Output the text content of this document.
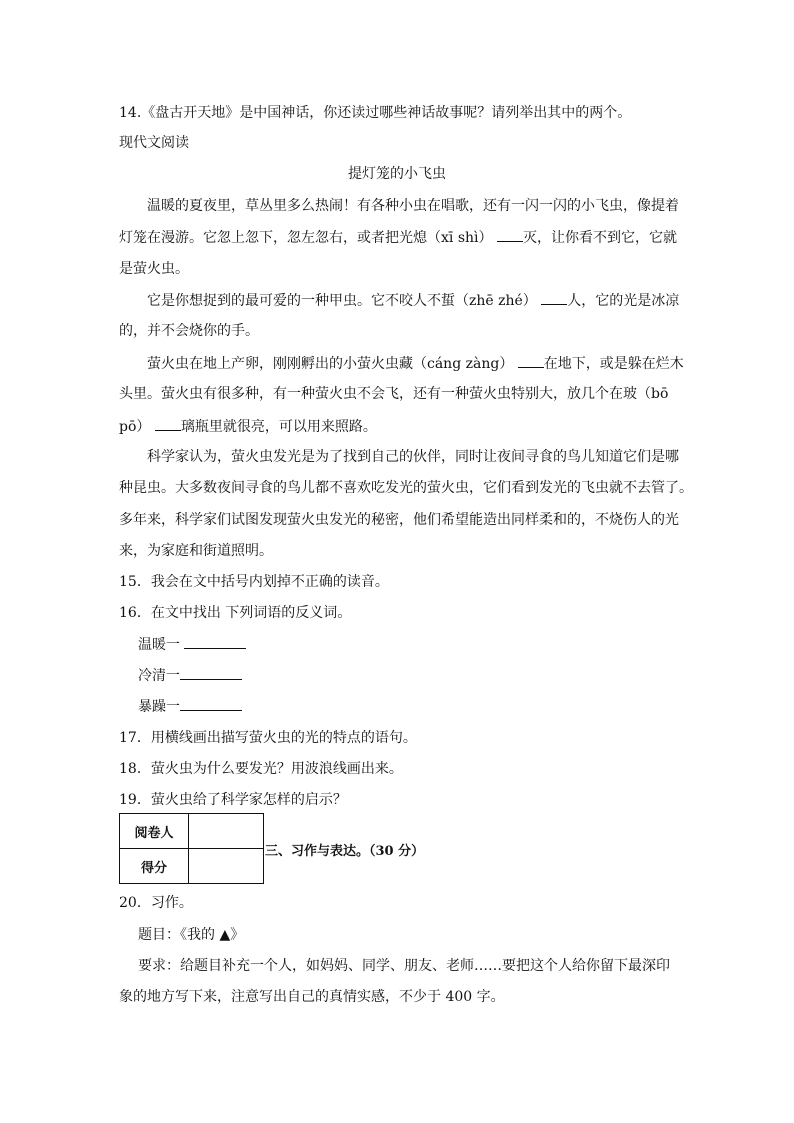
14.《盘古开天地》是中国神话，你还读过哪些神话故事呢？请列举出其中的两个。
现代文阅读
提灯笼的小飞虫
温暖的夏夜里，草丛里多么热闹！有各种小虫在唱歌，还有一闪一闪的小飞虫，像提着
灯笼在漫游。它忽上忽下，忽左忽右，或者把光熄（xī shì） 灭，让你看不到它，它就
是萤火虫。
它是你想捉到的最可爱的一种甲虫。它不咬人不蜇（zhē zhé） 人，它的光是冰凉
的，并不会烧你的手。
萤火虫在地上产卵，刚刚孵出的小萤火虫藏（cáng zàng） 在地下，或是躲在烂木
头里。萤火虫有很多种，有一种萤火虫不会飞，还有一种萤火虫特别大，放几个在玻（bō
pō） 璃瓶里就很亮，可以用来照路。
科学家认为，萤火虫发光是为了找到自己的伙伴，同时让夜间寻食的鸟儿知道它们是哪
种昆虫。大多数夜间寻食的鸟儿都不喜欢吃发光的萤火虫，它们看到发光的飞虫就不去管了。
多年来，科学家们试图发现萤火虫发光的秘密，他们希望能造出同样柔和的，不烧伤人的光
来，为家庭和街道照明。
15．我会在文中括号内划掉不正确的读音。
16．在文中找出 下列词语的反义词。
温暖一
冷清一
暴躁一
17．用横线画出描写萤火虫的光的特点的语句。
18．萤火虫为什么要发光？用波浪线画出来。
19．萤火虫给了科学家怎样的启示？
阅卷人	
得分	
三、习作与表达。（30 分）
20．习作。
题目：《我的 ▲》
要求：给题目补充一个人，如妈妈、同学、朋友、老师……要把这个人给你留下最深印
象的地方写下来，注意写出自己的真情实感，不少于 400 字。
